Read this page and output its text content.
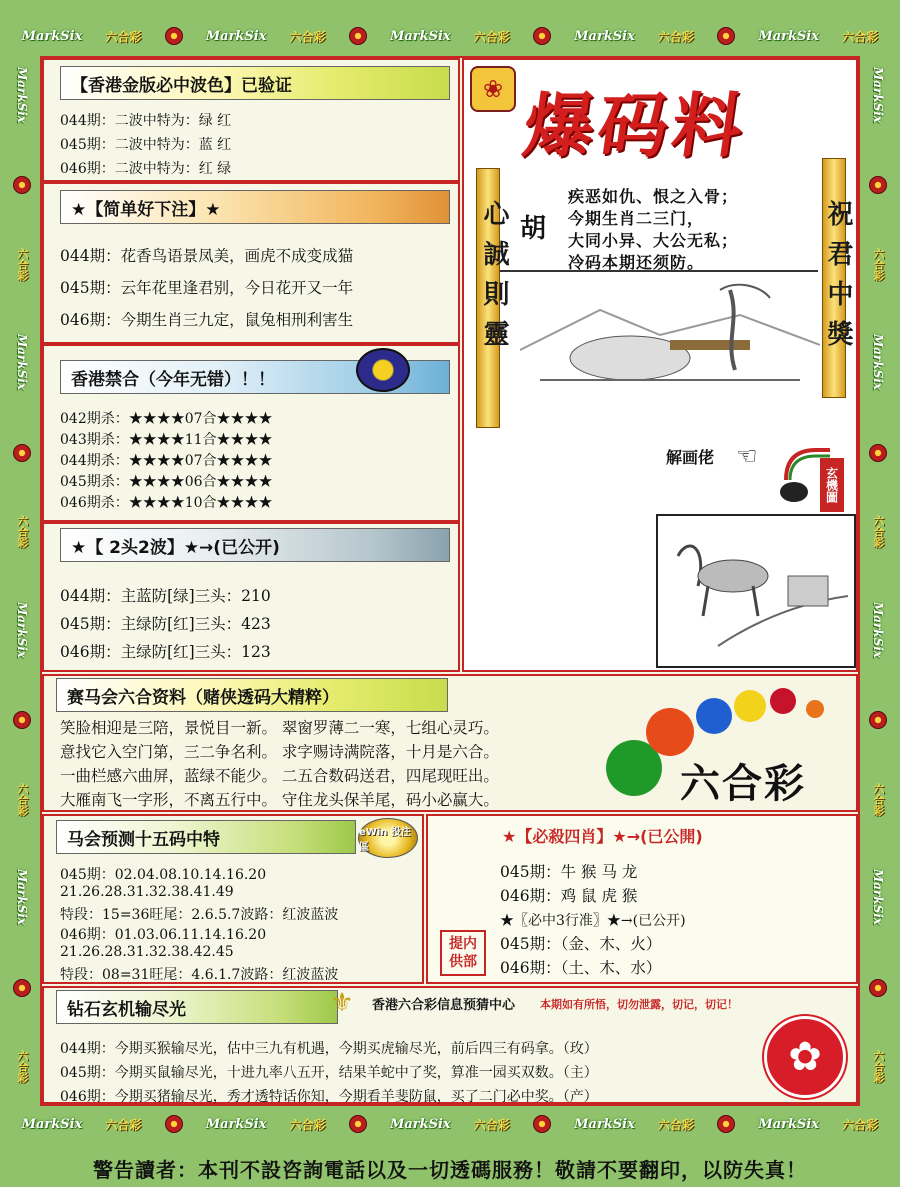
MarkSix 六合彩	MarkSix 六合彩	MarkSix 六合彩	MarkSix 六合彩	MarkSix 六合彩
MarkSix 六合彩	MarkSix 六合彩	MarkSix 六合彩	MarkSix 六合彩	MarkSix 六合彩
MarkSix
六合彩
MarkSix
六合彩
MarkSix
六合彩
MarkSix
六合彩
MarkSix
六合彩
MarkSix
六合彩
MarkSix
六合彩
MarkSix
六合彩
【香港金版必中波色】已验证
044期：二波中特为：绿 红
045期：二波中特为：蓝 红
046期：二波中特为：红 绿
★【简单好下注】★
044期：花香鸟语景凤美，画虎不成变成猫
045期：云年花里逢君别，今日花开又一年
046期：今期生肖三九定，鼠兔相刑利害生
香港禁合（今年无错）！！	☯
042期杀：★★★★07合★★★★
043期杀：★★★★11合★★★★
044期杀：★★★★07合★★★★
045期杀：★★★★06合★★★★
046期杀：★★★★10合★★★★
★【 2头2波】★→(已公开)
044期：主蓝防[绿]三头：210
045期：主绿防[红]三头：423
046期：主绿防[红]三头：123
❀ 爆码料
心誠則靈	祝君中獎
胡
疾恶如仇、恨之入骨；
今期生肖二三门，
大同小异、大公无私；
冷码本期还须防。
解画佬 ☜
玄機圖
赛马会六合资料（赌侠透码大精粹）
笑脸相迎是三陪，景悦目一新。 翠窗罗薄二一寒，七组心灵巧。
意找它入空门第，三二争名利。 求字赐诗满院落，十月是六合。
一曲栏感六曲屏，蓝绿不能少。 二五合数码送君，四尾现旺出。
大雁南飞一字形，不离五行中。 守住龙头保羊尾，码小必赢大。	六合彩
马会预测十五码中特	eWin 投注區
045期：02.04.08.10.14.16.20
21.26.28.31.32.38.41.49
特段：15=36旺尾：2.6.5.7波路：红波蓝波
046期：01.03.06.11.14.16.20
21.26.28.31.32.38.42.45
特段：08=31旺尾：4.6.1.7波路：红波蓝波
★【必殺四肖】★→(已公開)
045期：牛 猴 马 龙
046期：鸡 鼠 虎 猴
★〖必中3行准〗★→(已公开)
045期：（金、木、火）
046期：（土、木、水）
提内供部
钻石玄机输尽光	⚜	香港六合彩信息预猜中心 本期如有所悟，切勿泄露，切记，切记！
044期：今期买猴输尽光，估中三九有机遇，今期买虎输尽光，前后四三有码拿。（玫）
045期：今期买鼠输尽光，十进九率八五开，结果羊蛇中了奖，算准一园买双数。（主）
046期：今期买猪输尽光，秀才透特话你知，今期看羊斐防鼠，买了二门必中奖。（产）
✿
警告讀者：本刊不設咨詢電話以及一切透碼服務！敬請不要翻印，以防失真！
